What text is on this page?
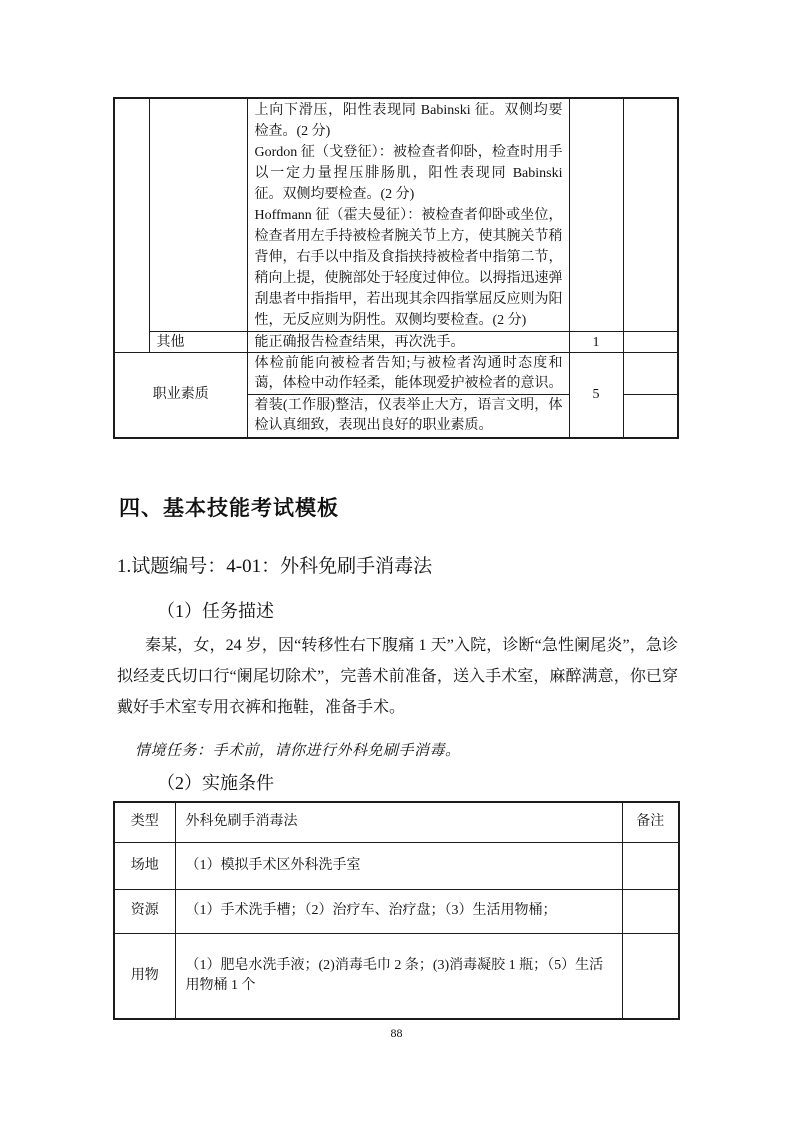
		上向下滑压，阳性表现同 Babinski 征。双侧均要检查。(2 分)
Gordon 征（戈登征）：被检查者仰卧，检查时用手以一定力量捏压腓肠肌，阳性表现同 Babinski 征。双侧均要检查。(2 分)
Hoffmann 征（霍夫曼征）：被检查者仰卧或坐位，检查者用左手持被检者腕关节上方，使其腕关节稍背伸，右手以中指及食指挟持被检者中指第二节，稍向上提，使腕部处于轻度过伸位。以拇指迅速弹刮患者中指指甲，若出现其余四指掌屈反应则为阳性，无反应则为阴性。双侧均要检查。(2 分)		

	其他	能正确报告检查结果，再次洗手。	1	
职业素质		体检前能向被检者告知;与被检者沟通时态度和蔼，体检中动作轻柔，能体现爱护被检者的意识。	5	
		着装(工作服)整洁，仪表举止大方，语言文明，体检认真细致，表现出良好的职业素质。		
四、基本技能考试模板
1.试题编号：4-01：外科免刷手消毒法
（1）任务描述
秦某，女，24 岁，因“转移性右下腹痛 1 天”入院，诊断“急性阑尾炎”，急诊拟经麦氏切口行“阑尾切除术”，完善术前准备，送入手术室，麻醉满意，你已穿戴好手术室专用衣裤和拖鞋，准备手术。
情境任务：手术前，请你进行外科免刷手消毒。
（2）实施条件
类型	外科免刷手消毒法	备注
场地	（1）模拟手术区外科洗手室	
资源	（1）手术洗手槽；（2）治疗车、治疗盘；（3）生活用物桶；	
用物	（1）肥皂水洗手液；(2)消毒毛巾 2 条；(3)消毒凝胶 1 瓶；（5）生活用物桶 1 个	
88
